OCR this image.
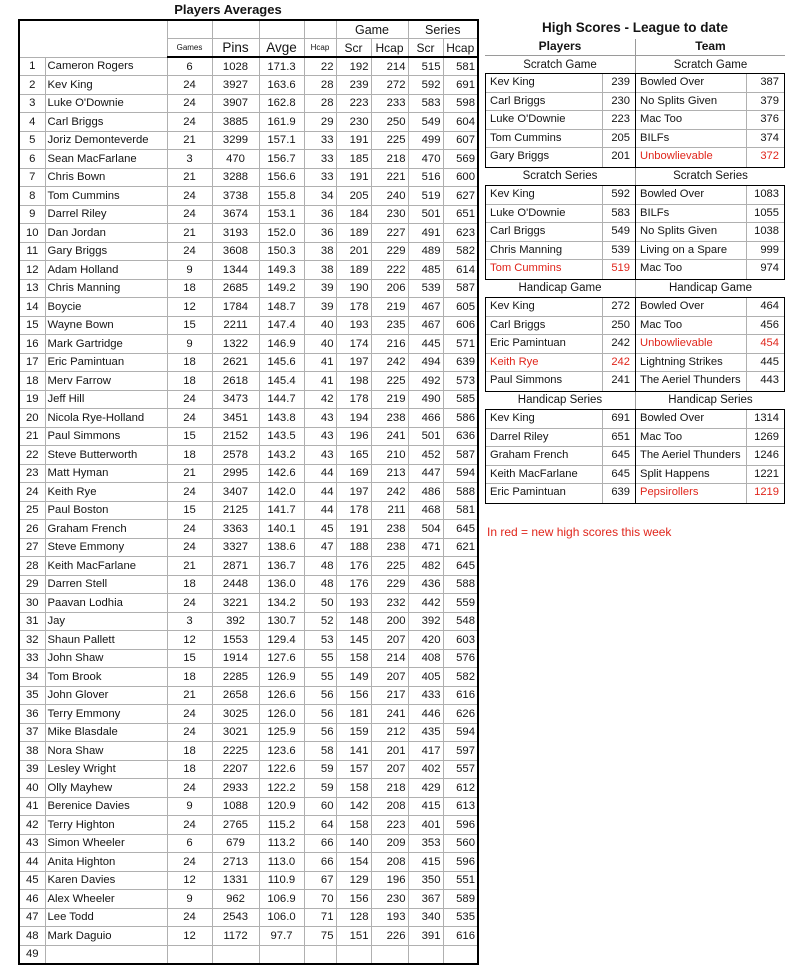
Players Averages
						Game		Series	
		Games	Pins	Avge	Hcap	Scr	Hcap	Scr	Hcap
1	Cameron Rogers	6	1028	171.3	22	192	214	515	581
2	Kev King	24	3927	163.6	28	239	272	592	691
3	Luke O'Downie	24	3907	162.8	28	223	233	583	598
4	Carl Briggs	24	3885	161.9	29	230	250	549	604
5	Joriz Demonteverde	21	3299	157.1	33	191	225	499	607
6	Sean MacFarlane	3	470	156.7	33	185	218	470	569
7	Chris Bown	21	3288	156.6	33	191	221	516	600
8	Tom Cummins	24	3738	155.8	34	205	240	519	627
9	Darrel Riley	24	3674	153.1	36	184	230	501	651
10	Dan Jordan	21	3193	152.0	36	189	227	491	623
11	Gary Briggs	24	3608	150.3	38	201	229	489	582
12	Adam Holland	9	1344	149.3	38	189	222	485	614
13	Chris Manning	18	2685	149.2	39	190	206	539	587
14	Boycie	12	1784	148.7	39	178	219	467	605
15	Wayne Bown	15	2211	147.4	40	193	235	467	606
16	Mark Gartridge	9	1322	146.9	40	174	216	445	571
17	Eric Pamintuan	18	2621	145.6	41	197	242	494	639
18	Merv Farrow	18	2618	145.4	41	198	225	492	573
19	Jeff Hill	24	3473	144.7	42	178	219	490	585
20	Nicola Rye-Holland	24	3451	143.8	43	194	238	466	586
21	Paul Simmons	15	2152	143.5	43	196	241	501	636
22	Steve Butterworth	18	2578	143.2	43	165	210	452	587
23	Matt Hyman	21	2995	142.6	44	169	213	447	594
24	Keith Rye	24	3407	142.0	44	197	242	486	588
25	Paul Boston	15	2125	141.7	44	178	211	468	581
26	Graham French	24	3363	140.1	45	191	238	504	645
27	Steve Emmony	24	3327	138.6	47	188	238	471	621
28	Keith MacFarlane	21	2871	136.7	48	176	225	482	645
29	Darren Stell	18	2448	136.0	48	176	229	436	588
30	Paavan Lodhia	24	3221	134.2	50	193	232	442	559
31	Jay	3	392	130.7	52	148	200	392	548
32	Shaun Pallett	12	1553	129.4	53	145	207	420	603
33	John Shaw	15	1914	127.6	55	158	214	408	576
34	Tom Brook	18	2285	126.9	55	149	207	405	582
35	John Glover	21	2658	126.6	56	156	217	433	616
36	Terry Emmony	24	3025	126.0	56	181	241	446	626
37	Mike Blasdale	24	3021	125.9	56	159	212	435	594
38	Nora Shaw	18	2225	123.6	58	141	201	417	597
39	Lesley Wright	18	2207	122.6	59	157	207	402	557
40	Olly Mayhew	24	2933	122.2	59	158	218	429	612
41	Berenice Davies	9	1088	120.9	60	142	208	415	613
42	Terry Highton	24	2765	115.2	64	158	223	401	596
43	Simon Wheeler	6	679	113.2	66	140	209	353	560
44	Anita Highton	24	2713	113.0	66	154	208	415	596
45	Karen Davies	12	1331	110.9	67	129	196	350	551
46	Alex Wheeler	9	962	106.9	70	156	230	367	589
47	Lee Todd	24	2543	106.0	71	128	193	340	535
48	Mark Daguio	12	1172	97.7	75	151	226	391	616
49									
High Scores - League to date
Players	Team
Scratch Game	Scratch Game
Kev King	239
Carl Briggs	230
Luke O'Downie	223
Tom Cummins	205
Gary Briggs	201
Bowled Over	387
No Splits Given	379
Mac Too	376
BILFs	374
Unbowlievable	372
Scratch Series	Scratch Series
Kev King	592
Luke O'Downie	583
Carl Briggs	549
Chris Manning	539
Tom Cummins	519
Bowled Over	1083
BILFs	1055
No Splits Given	1038
Living on a Spare	999
Mac Too	974
Handicap Game	Handicap Game
Kev King	272
Carl Briggs	250
Eric Pamintuan	242
Keith Rye	242
Paul Simmons	241
Bowled Over	464
Mac Too	456
Unbowlievable	454
Lightning Strikes	445
The Aeriel Thunders	443
Handicap Series	Handicap Series
Kev King	691
Darrel Riley	651
Graham French	645
Keith MacFarlane	645
Eric Pamintuan	639
Bowled Over	1314
Mac Too	1269
The Aeriel Thunders	1246
Split Happens	1221
Pepsirollers	1219
In red = new high scores this week
